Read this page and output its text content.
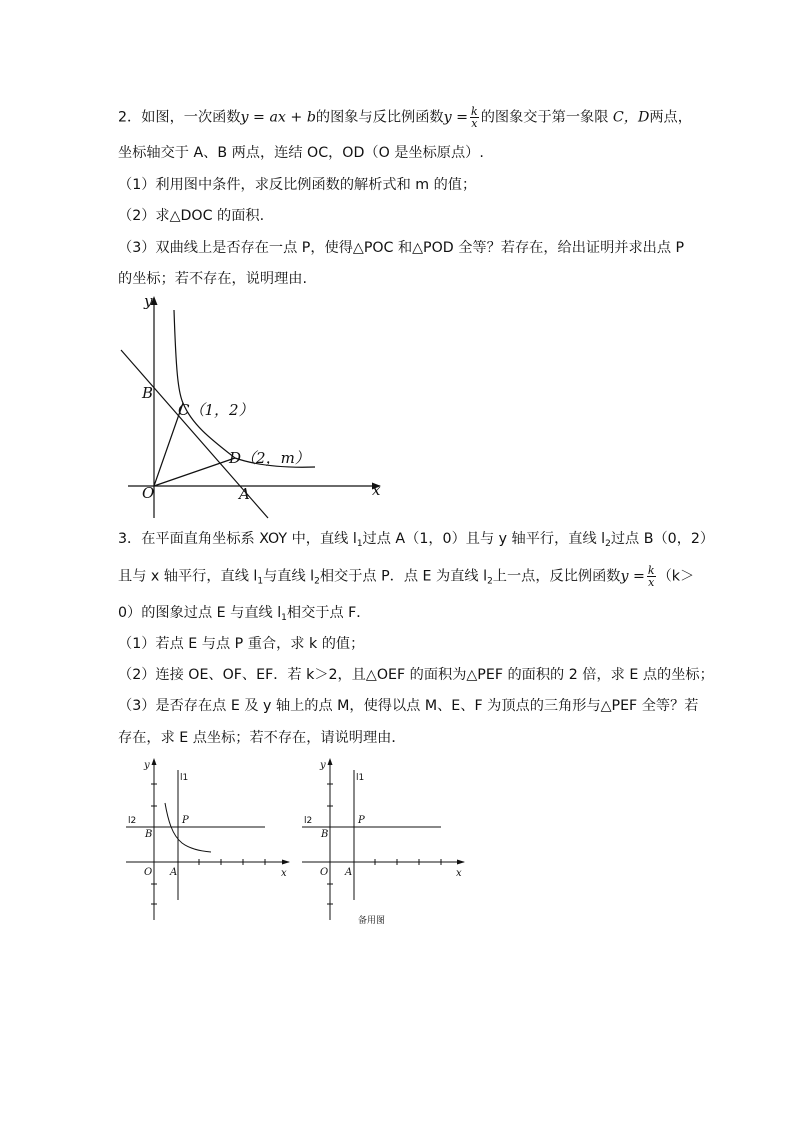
2．如图，一次函数y = ax + b的图象与反比例函数$y = \frac{k}{x}$ 的图象交于第一象限 C，D两点，
坐标轴交于 A、B 两点，连结 OC，OD（O 是坐标原点）.
（1）利用图中条件，求反比例函数的解析式和 m 的值；
（2）求△DOC 的面积.
（3）双曲线上是否存在一点 P，使得△POC 和△POD 全等？若存在，给出证明并求出点 P
的坐标；若不存在，说明理由.
y
x
O	A
B
C（1，2）
D（2，m）
3．在平面直角坐标系 XOY 中，直线 $l_1$过点 A（1，0）且与 y 轴平行，直线 $l_2$过点 B（0，2）
且与 x 轴平行，直线 $l_1$与直线 $l_2$相交于点 P．点 E 为直线 $l_2$上一点，反比例函数$y = \frac{k}{x} (k>$
0）的图象过点 E 与直线 $l_1$相交于点 F．
（1）若点 E 与点 P 重合，求 k 的值；
（2）连接 OE、OF、EF．若 k＞2，且△OEF 的面积为△PEF 的面积的 2 倍，求 E 点的坐标；
（3）是否存在点 E 及 y 轴上的点 M，使得以点 M、E、F 为顶点的三角形与△PEF 全等？若
存在，求 E 点坐标；若不存在，请说明理由．
y
x
O A
B
P
l1
l2
y
x
O A
B
P
l1
l2
备用图
